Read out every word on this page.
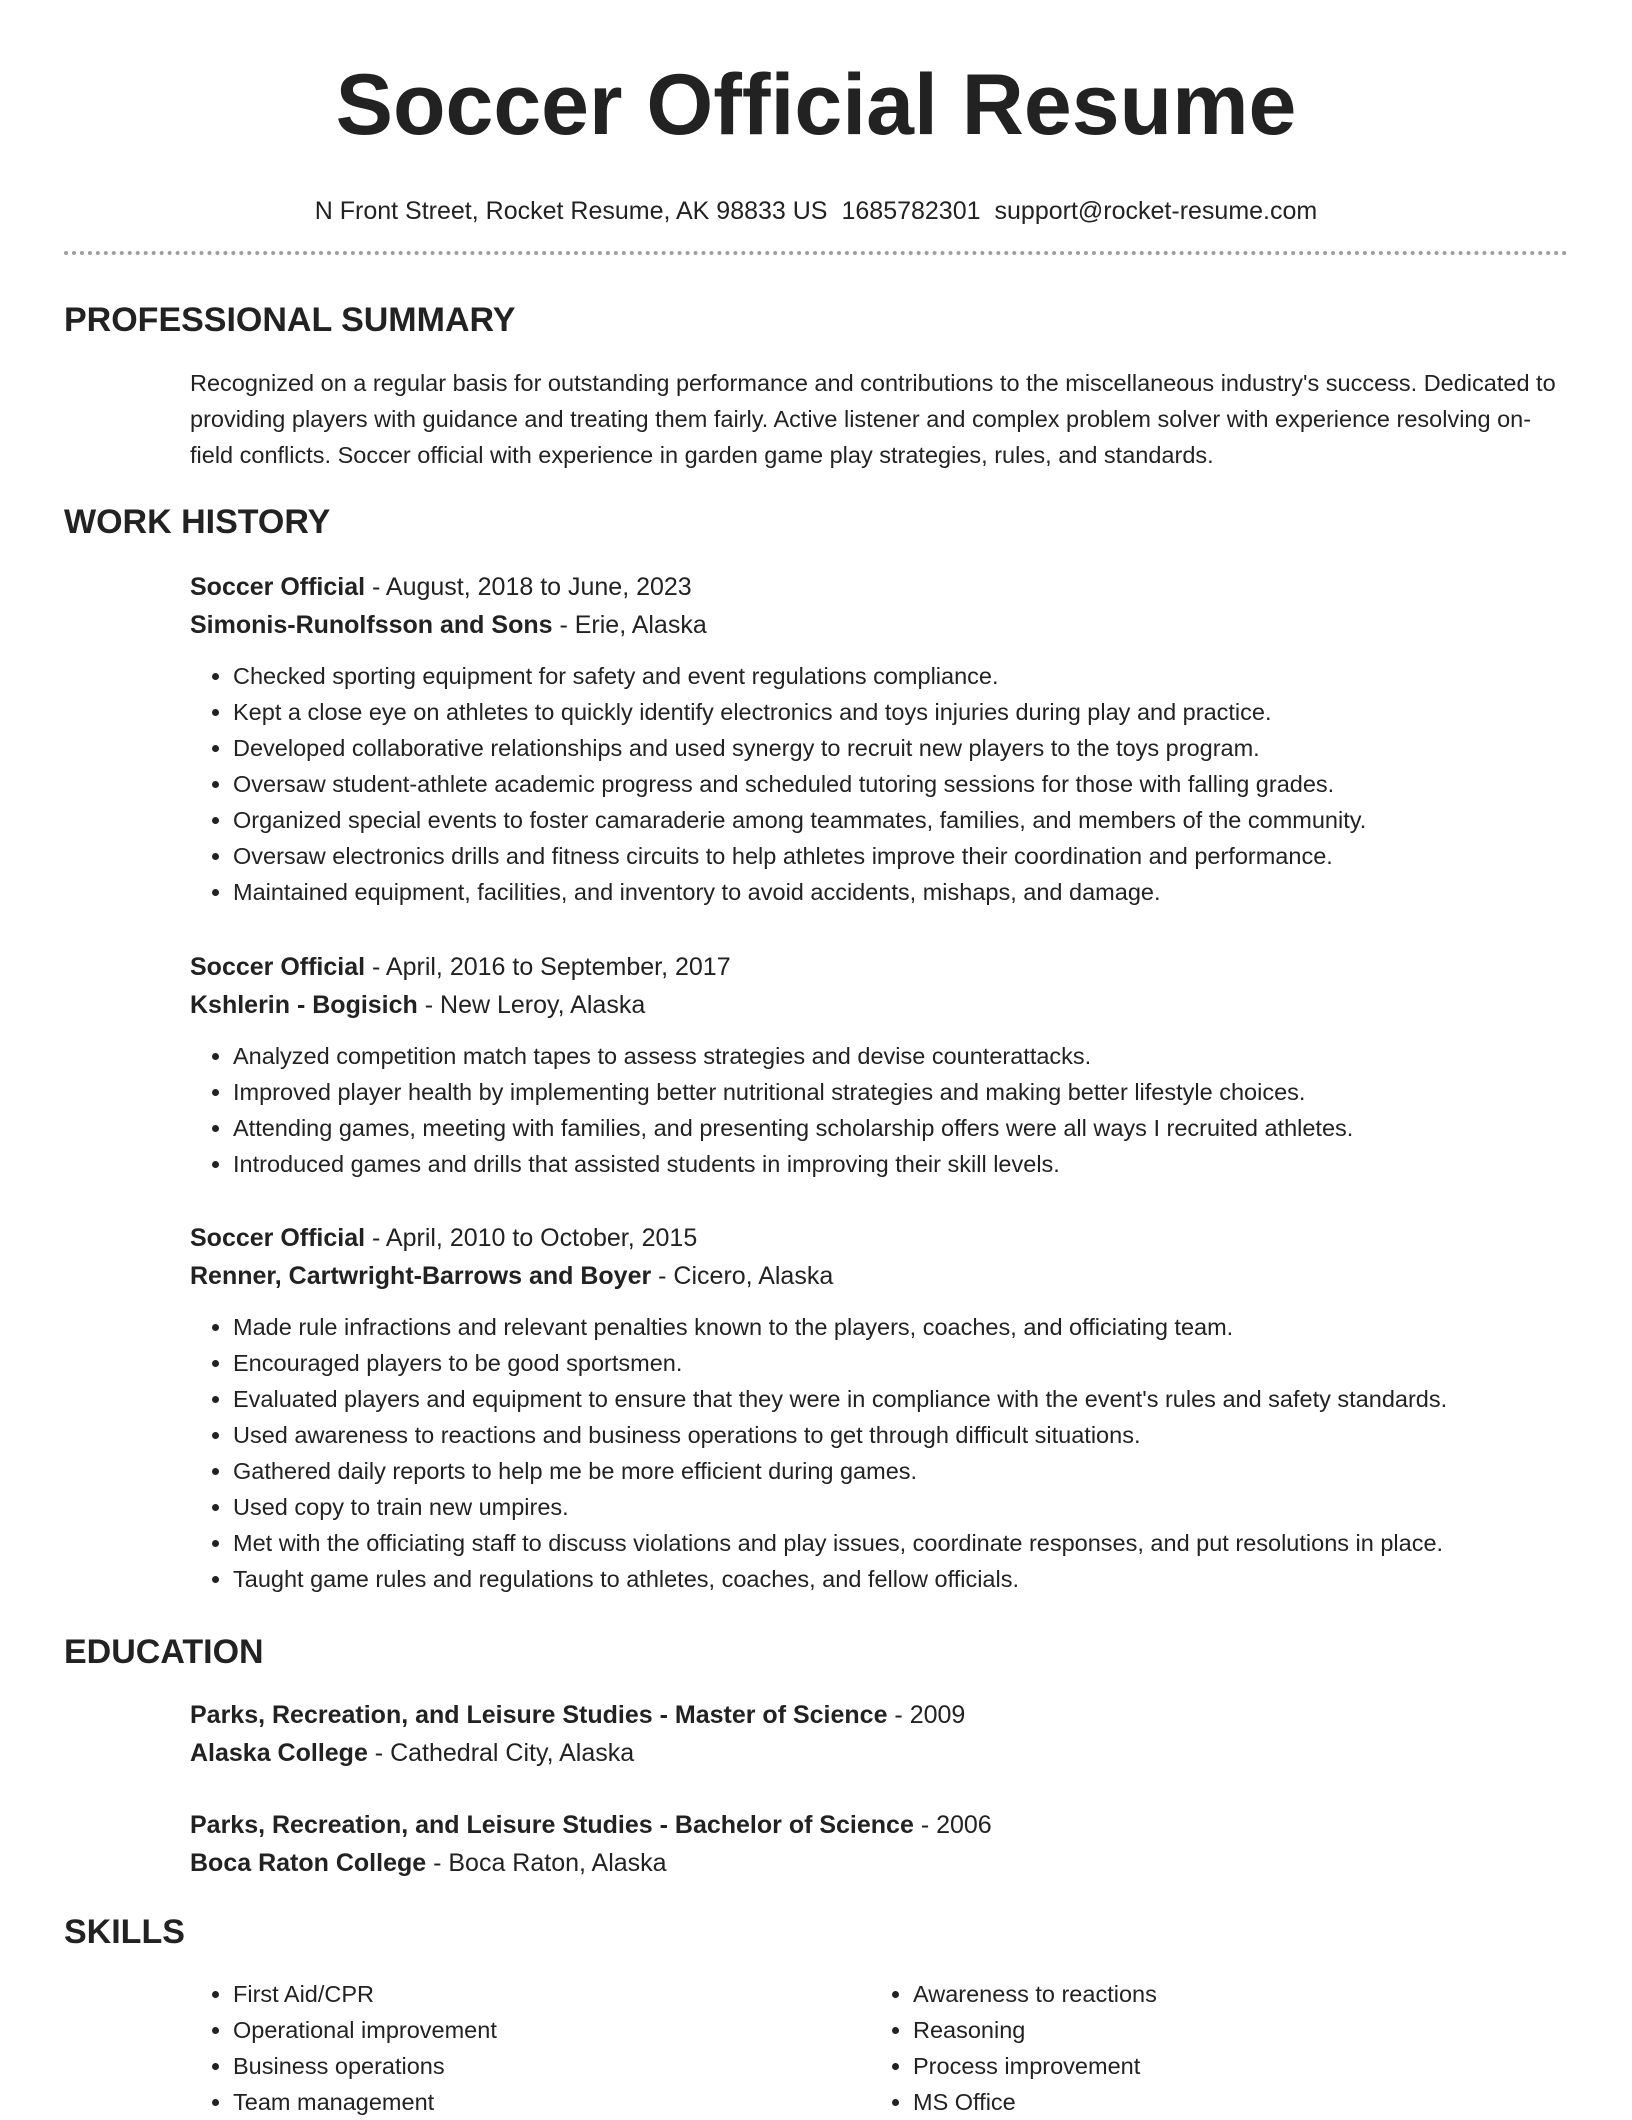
Soccer Official Resume
N Front Street, Rocket Resume, AK 98833 US 1685782301 support@rocket-resume.com
PROFESSIONAL SUMMARY

Recognized on a regular basis for outstanding performance and contributions to the miscellaneous industry's success. Dedicated to providing players with guidance and treating them fairly. Active listener and complex problem solver with experience resolving on-field conflicts. Soccer official with experience in garden game play strategies, rules, and standards.

WORK HISTORY

Soccer Official - August, 2018 to June, 2023

Simonis-Runolfsson and Sons - Erie, Alaska

• Checked sporting equipment for safety and event regulations compliance.
• Kept a close eye on athletes to quickly identify electronics and toys injuries during play and practice.
• Developed collaborative relationships and used synergy to recruit new players to the toys program.
• Oversaw student-athlete academic progress and scheduled tutoring sessions for those with falling grades.
• Organized special events to foster camaraderie among teammates, families, and members of the community.
• Oversaw electronics drills and fitness circuits to help athletes improve their coordination and performance.
• Maintained equipment, facilities, and inventory to avoid accidents, mishaps, and damage.

Soccer Official - April, 2016 to September, 2017

Kshlerin - Bogisich - New Leroy, Alaska

• Analyzed competition match tapes to assess strategies and devise counterattacks.
• Improved player health by implementing better nutritional strategies and making better lifestyle choices.
• Attending games, meeting with families, and presenting scholarship offers were all ways I recruited athletes.
• Introduced games and drills that assisted students in improving their skill levels.

Soccer Official - April, 2010 to October, 2015

Renner, Cartwright-Barrows and Boyer - Cicero, Alaska

• Made rule infractions and relevant penalties known to the players, coaches, and officiating team.
• Encouraged players to be good sportsmen.
• Evaluated players and equipment to ensure that they were in compliance with the event's rules and safety standards.
• Used awareness to reactions and business operations to get through difficult situations.
• Gathered daily reports to help me be more efficient during games.
• Used copy to train new umpires.
• Met with the officiating staff to discuss violations and play issues, coordinate responses, and put resolutions in place.
• Taught game rules and regulations to athletes, coaches, and fellow officials.
EDUCATION

Parks, Recreation, and Leisure Studies - Master of Science - 2009

Alaska College - Cathedral City, Alaska

Parks, Recreation, and Leisure Studies - Bachelor of Science - 2006

Boca Raton College - Boca Raton, Alaska

SKILLS
• First Aid/CPR
• Operational improvement
• Business operations
• Team management
• Awareness to reactions
• Reasoning
• Process improvement
• MS Office
